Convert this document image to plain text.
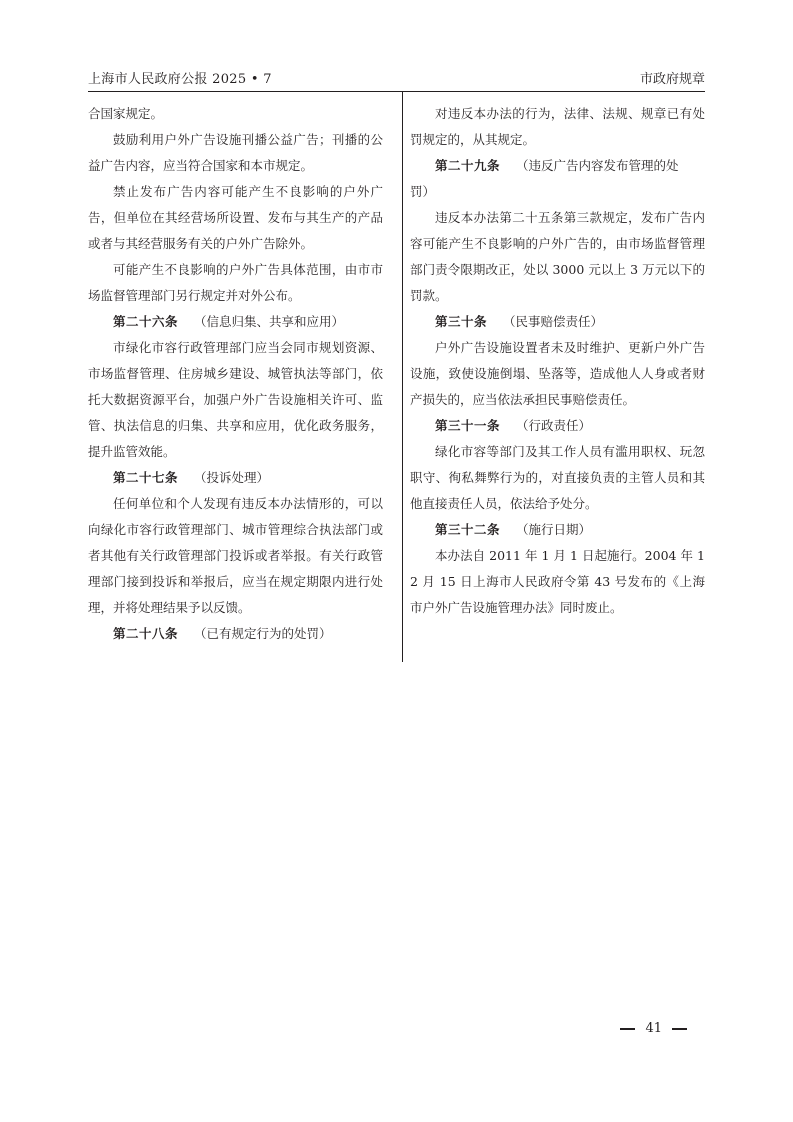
上海市人民政府公报 2025 • 7	市政府规章

合国家规定。

鼓励利用户外广告设施刊播公益广告；刊播的公益广告内容，应当符合国家和本市规定。

禁止发布广告内容可能产生不良影响的户外广告，但单位在其经营场所设置、发布与其生产的产品或者与其经营服务有关的户外广告除外。

可能产生不良影响的户外广告具体范围，由市市场监督管理部门另行规定并对外公布。

第二十六条 （信息归集、共享和应用）

市绿化市容行政管理部门应当会同市规划资源、市场监督管理、住房城乡建设、城管执法等部门，依托大数据资源平台，加强户外广告设施相关许可、监管、执法信息的归集、共享和应用，优化政务服务，提升监管效能。

第二十七条 （投诉处理）

任何单位和个人发现有违反本办法情形的，可以向绿化市容行政管理部门、城市管理综合执法部门或者其他有关行政管理部门投诉或者举报。有关行政管理部门接到投诉和举报后，应当在规定期限内进行处理，并将处理结果予以反馈。

第二十八条 （已有规定行为的处罚）

对违反本办法的行为，法律、法规、规章已有处罚规定的，从其规定。

第二十九条 （违反广告内容发布管理的处

罚）

违反本办法第二十五条第三款规定，发布广告内容可能产生不良影响的户外广告的，由市场监督管理部门责令限期改正，处以 3000 元以上 3 万元以下的罚款。

第三十条 （民事赔偿责任）

户外广告设施设置者未及时维护、更新户外广告设施，致使设施倒塌、坠落等，造成他人人身或者财产损失的，应当依法承担民事赔偿责任。

第三十一条 （行政责任）

绿化市容等部门及其工作人员有滥用职权、玩忽职守、徇私舞弊行为的，对直接负责的主管人员和其他直接责任人员，依法给予处分。

第三十二条 （施行日期）

本办法自 2011 年 1 月 1 日起施行。2004 年 12 月 15 日上海市人民政府令第 43 号发布的《上海市户外广告设施管理办法》同时废止。

41
